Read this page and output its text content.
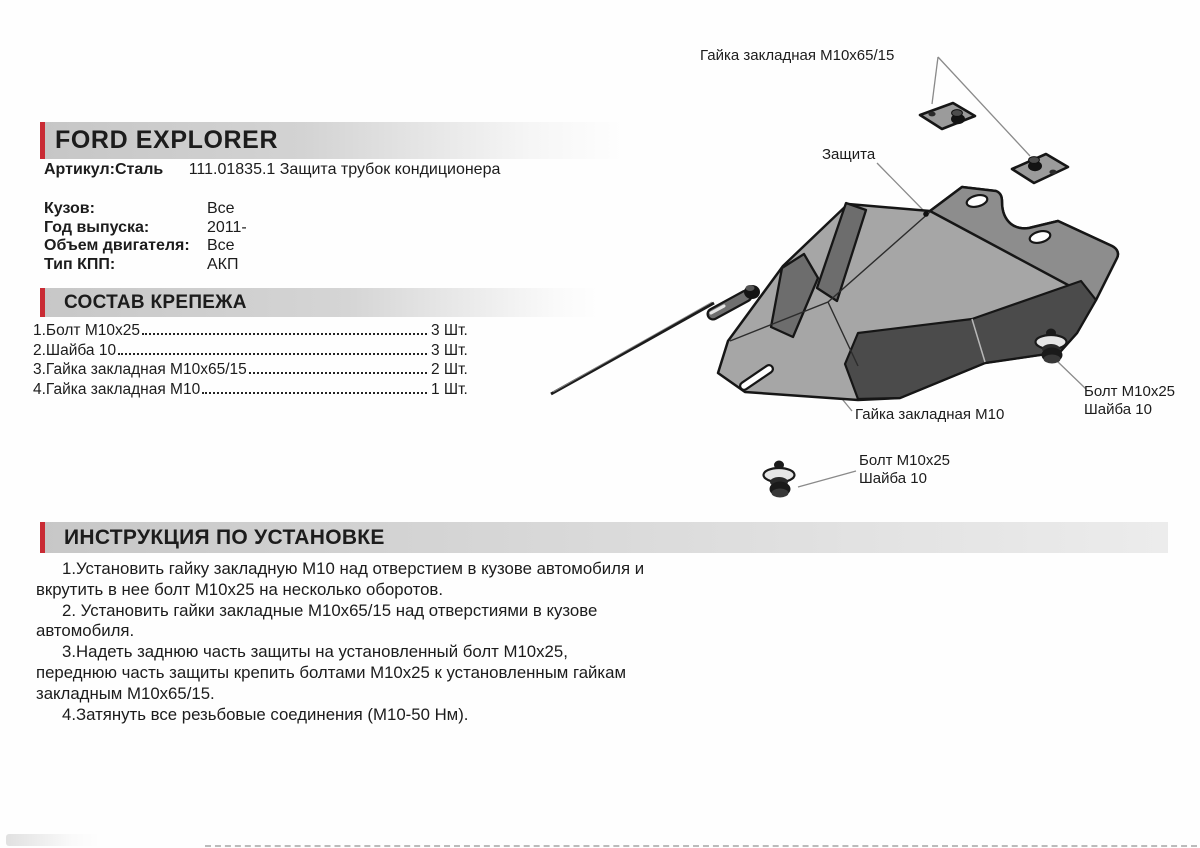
FORD EXPLORER
Артикул:Сталь 111.01835.1 Защита трубок кондиционера
Кузов:	Все
Год выпуска:	2011-
Объем двигателя: Все
Тип КПП:	АКП
СОСТАВ КРЕПЕЖА
1.Болт М10х25	3 Шт.
2.Шайба 10	3 Шт.
3.Гайка закладная М10х65/15	2 Шт.
4.Гайка закладная М10	1 Шт.
Гайка закладная М10х65/15
Защита
Болт М10х25
Шайба 10
Гайка закладная М10
Болт М10х25
Шайба 10
ИНСТРУКЦИЯ ПО УСТАНОВКЕ

1.Установить гайку закладную М10 над отверстием в кузове автомобиля и вкрутить в нее болт М10х25 на несколько оборотов.

2. Установить гайки закладные М10х65/15 над отверстиями в кузове автомобиля.

3.Надеть заднюю часть защиты на установленный болт М10х25, переднюю часть защиты крепить болтами М10х25 к установленным гайкам закладным М10х65/15.

4.Затянуть все резьбовые соединения (М10-50 Нм).
